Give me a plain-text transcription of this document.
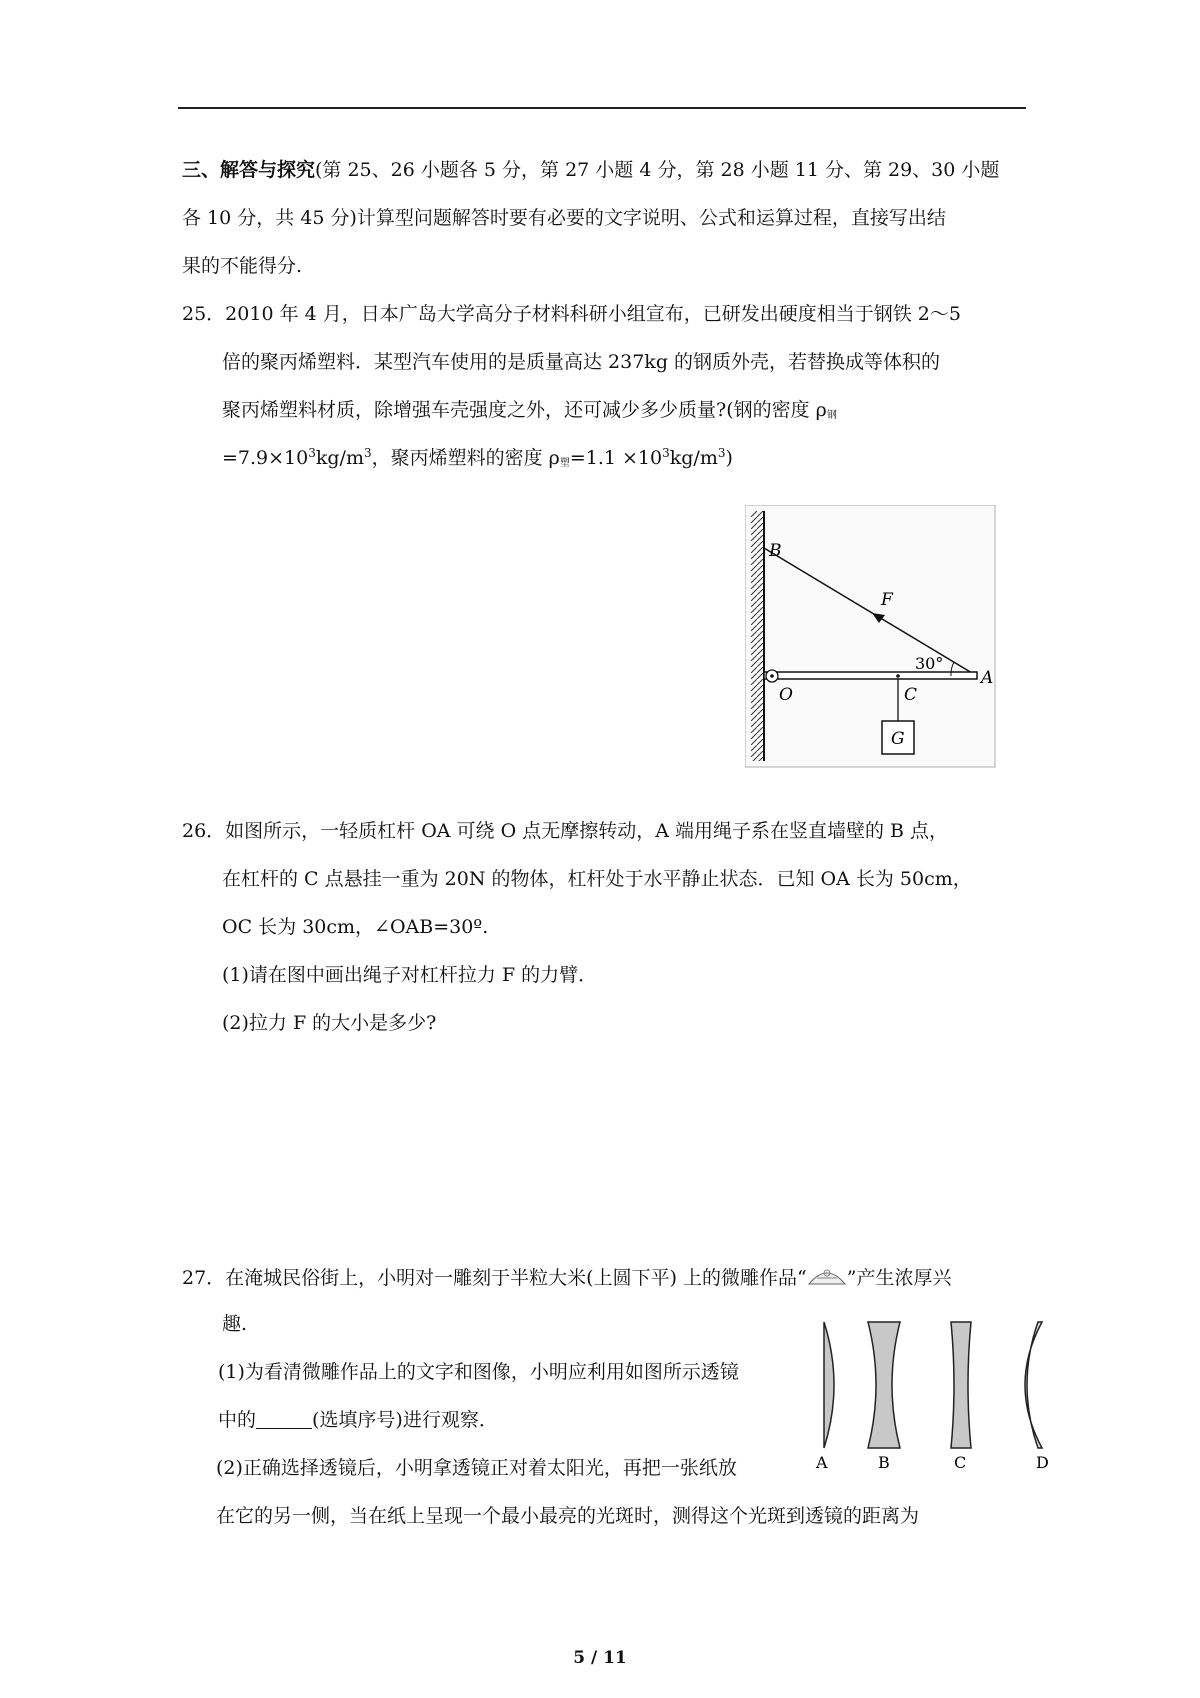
三、解答与探究(第 25、26 小题各 5 分，第 27 小题 4 分，第 28 小题 11 分、第 29、30 小题
各 10 分，共 45 分)计算型问题解答时要有必要的文字说明、公式和运算过程，直接写出结
果的不能得分.
25．2010 年 4 月，日本广岛大学高分子材料科研小组宣布，已研发出硬度相当于钢铁 2～5
倍的聚丙烯塑料．某型汽车使用的是质量高达 237kg 的钢质外壳，若替换成等体积的
聚丙烯塑料材质，除增强车壳强度之外，还可减少多少质量?(钢的密度 ρ钢
$=7.9\times 10^3kg/m^3$，聚丙烯塑料的密度 ρ塑$=1.1 \times 10^3kg/m^3$)
B
F
30°
A
O	C
G
26．如图所示，一轻质杠杆 OA 可绕 O 点无摩擦转动，A 端用绳子系在竖直墙壁的 B 点，
在杠杆的 C 点悬挂一重为 20N 的物体，杠杆处于水平静止状态．已知 OA 长为 50cm，
OC 长为 30cm，∠OAB=30º.
(1)请在图中画出绳子对杠杆拉力 F 的力臂．
(2)拉力 F 的大小是多少?
27．在淹城民俗街上，小明对一雕刻于半粒大米(上圆下平) 上的微雕作品“ ”产生浓厚兴
趣.
(1)为看清微雕作品上的文字和图像，小明应利用如图所示透镜
中的	(选填序号)进行观察．
(2)正确选择透镜后，小明拿透镜正对着太阳光，再把一张纸放
在它的另一侧，当在纸上呈现一个最小最亮的光斑时，测得这个光斑到透镜的距离为
A	B	C	D
5 / 11
